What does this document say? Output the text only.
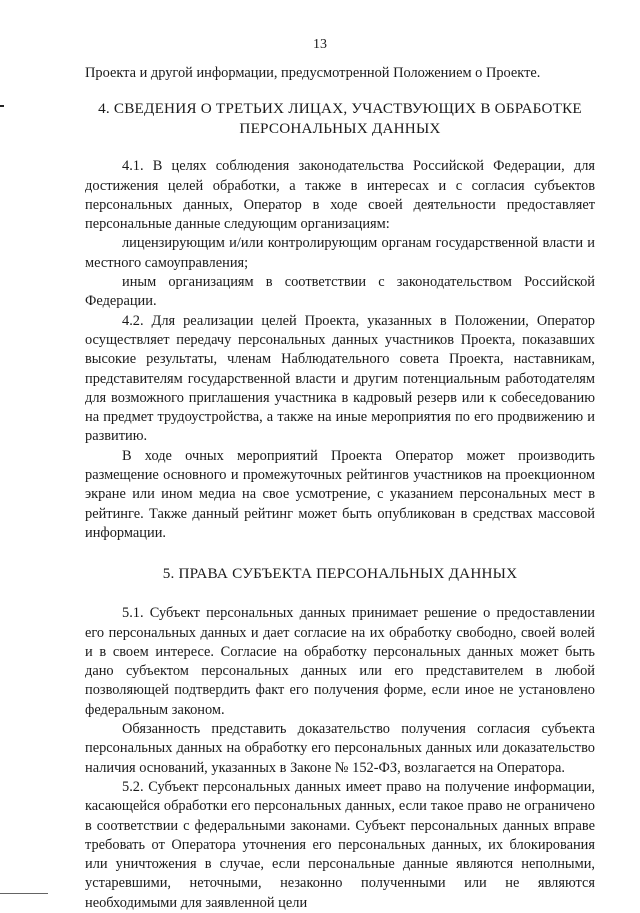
13

Проекта и другой информации, предусмотренной Положением о Проекте.

4. СВЕДЕНИЯ О ТРЕТЬИХ ЛИЦАХ, УЧАСТВУЮЩИХ В ОБРАБОТКЕ ПЕРСОНАЛЬНЫХ ДАННЫХ

4.1. В целях соблюдения законодательства Российской Федерации, для достижения целей обработки, а также в интересах и с согласия субъектов персональных данных, Оператор в ходе своей деятельности предоставляет персональные данные следующим организациям:

лицензирующим и/или контролирующим органам государственной власти и местного самоуправления;

иным организациям в соответствии с законодательством Российской Федерации.

4.2. Для реализации целей Проекта, указанных в Положении, Оператор осуществляет передачу персональных данных участников Проекта, показавших высокие результаты, членам Наблюдательного совета Проекта, наставникам, представителям государственной власти и другим потенциальным работодателям для возможного приглашения участника в кадровый резерв или к собеседованию на предмет трудоустройства, а также на иные мероприятия по его продвижению и развитию.

В ходе очных мероприятий Проекта Оператор может производить размещение основного и промежуточных рейтингов участников на проекционном экране или ином медиа на свое усмотрение, с указанием персональных мест в рейтинге. Также данный рейтинг может быть опубликован в средствах массовой информации.

5. ПРАВА СУБЪЕКТА ПЕРСОНАЛЬНЫХ ДАННЫХ

5.1. Субъект персональных данных принимает решение о предоставлении его персональных данных и дает согласие на их обработку свободно, своей волей и в своем интересе. Согласие на обработку персональных данных может быть дано субъектом персональных данных или его представителем в любой позволяющей подтвердить факт его получения форме, если иное не установлено федеральным законом.

Обязанность представить доказательство получения согласия субъекта персональных данных на обработку его персональных данных или доказательство наличия оснований, указанных в Законе № 152-ФЗ, возлагается на Оператора.

5.2. Субъект персональных данных имеет право на получение информации, касающейся обработки его персональных данных, если такое право не ограничено в соответствии с федеральными законами. Субъект персональных данных вправе требовать от Оператора уточнения его персональных данных, их блокирования или уничтожения в случае, если персональные данные являются неполными, устаревшими, неточными, незаконно полученными или не являются необходимыми для заявленной цели
